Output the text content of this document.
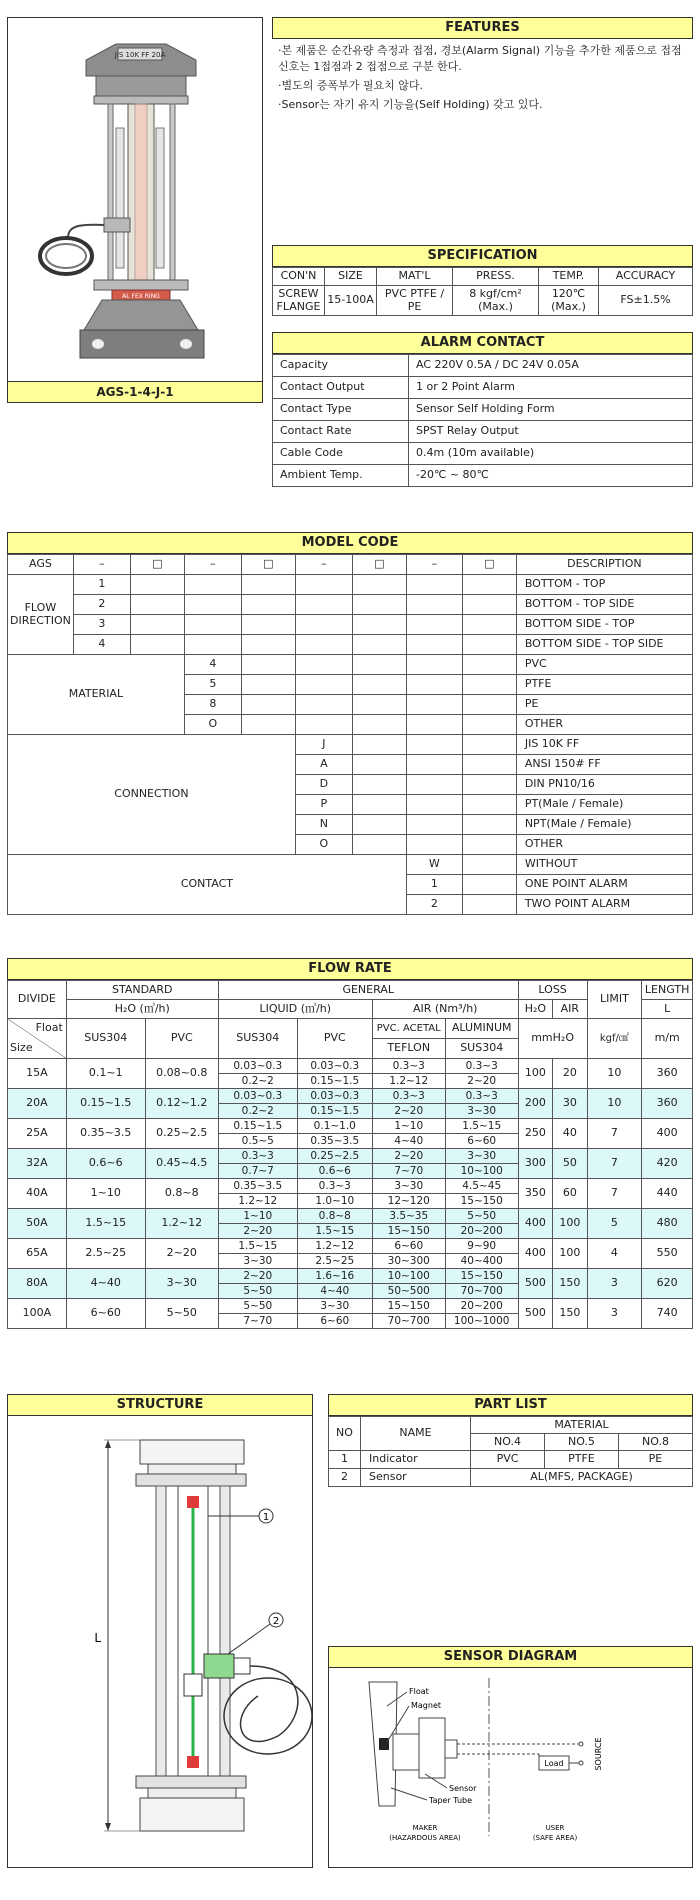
JIS 10K FF 20A
AL FEX RING
AGS-1-4-J-1
FEATURES
·본 제품은 순간유량 측정과 접점, 경보(Alarm Signal) 기능을 추가한 제품으로 접점신호는 1접점과 2 접점으로 구분 한다.
·별도의 증폭부가 필요치 않다.
·Sensor는 자기 유지 기능을(Self Holding) 갖고 있다.
SPECIFICATION
CON'N	SIZE	MAT'L	PRESS.	TEMP.	ACCURACY
SCREW FLANGE	15-100A	PVC PTFE / PE	8 kgf/cm² (Max.)	120℃ (Max.)	FS±1.5%
ALARM CONTACT
Capacity	AC 220V 0.5A / DC 24V 0.05A
Contact Output	1 or 2 Point Alarm
Contact Type	Sensor Self Holding Form
Contact Rate	SPST Relay Output
Cable Code	0.4m (10m available)
Ambient Temp.	-20℃ ~ 80℃
MODEL CODE
AGS	–	□	–	□	–	□	–	□	DESCRIPTION
FLOW DIRECTION	1								BOTTOM - TOP
	2								BOTTOM - TOP SIDE
	3								BOTTOM SIDE - TOP
	4								BOTTOM SIDE - TOP SIDE
MATERIAL			4						PVC
			5						PTFE
			8						PE
			O						OTHER
CONNECTION					J				JIS 10K FF
					A				ANSI 150# FF
					D				DIN PN10/16
					P				PT(Male / Female)
					N				NPT(Male / Female)
					O				OTHER
CONTACT							W		WITHOUT
							1		ONE POINT ALARM
							2		TWO POINT ALARM
FLOW RATE
DIVIDE	STANDARD		GENERAL				LOSS		LIMIT	LENGTH
	H₂O (㎥/h)		LIQUID (㎥/h)		AIR (Nm³/h)		H₂O	AIR		L

Float
Size	SUS304	PVC	SUS304	PVC	PVC. ACETAL	ALUMINUM	mmH₂O		kgf/㎠	m/m
					TEFLON	SUS304				
15A	0.1~1	0.08~0.8	0.03~0.3	0.03~0.3	0.3~3	0.3~3	100	20	10	360
			0.2~2	0.15~1.5	1.2~12	2~20				
20A	0.15~1.5	0.12~1.2	0.03~0.3	0.03~0.3	0.3~3	0.3~3	200	30	10	360
			0.2~2	0.15~1.5	2~20	3~30				
25A	0.35~3.5	0.25~2.5	0.15~1.5	0.1~1.0	1~10	1.5~15	250	40	7	400
			0.5~5	0.35~3.5	4~40	6~60				
32A	0.6~6	0.45~4.5	0.3~3	0.25~2.5	2~20	3~30	300	50	7	420
			0.7~7	0.6~6	7~70	10~100				
40A	1~10	0.8~8	0.35~3.5	0.3~3	3~30	4.5~45	350	60	7	440
			1.2~12	1.0~10	12~120	15~150				
50A	1.5~15	1.2~12	1~10	0.8~8	3.5~35	5~50	400	100	5	480
			2~20	1.5~15	15~150	20~200				
65A	2.5~25	2~20	1.5~15	1.2~12	6~60	9~90	400	100	4	550
			3~30	2.5~25	30~300	40~400				
80A	4~40	3~30	2~20	1.6~16	10~100	15~150	500	150	3	620
			5~50	4~40	50~500	70~700				
100A	6~60	5~50	5~50	3~30	15~150	20~200	500	150	3	740
			7~70	6~60	70~700	100~1000				
STRUCTURE
L
1
2
PART LIST
NO	NAME	MATERIAL		
		NO.4	NO.5	NO.8
1	Indicator	PVC	PTFE	PE
2	Sensor	AL(MFS, PACKAGE)		
SENSOR DIAGRAM
Float
Magnet
Sensor
Taper Tube
Load	SOURCE
MAKER
(HAZARDOUS AREA)
USER
(SAFE AREA)
